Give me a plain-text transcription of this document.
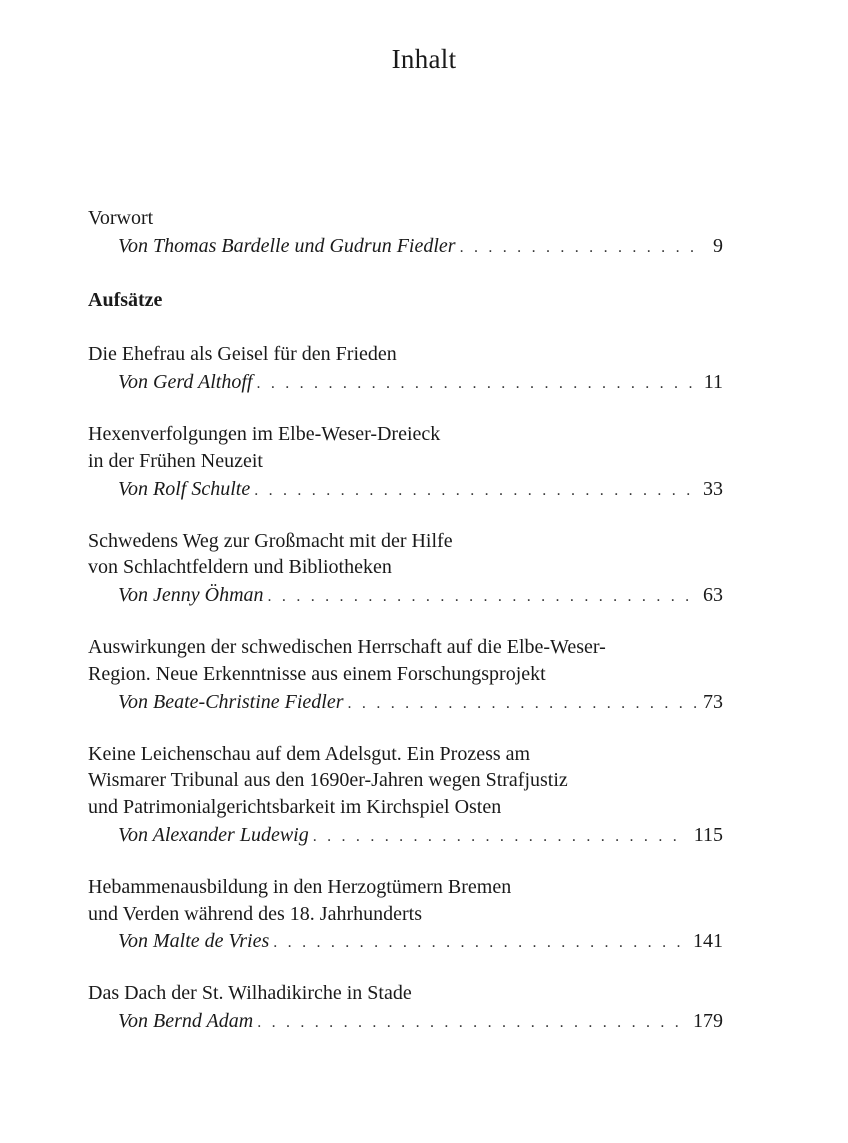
Inhalt
Vorwort
Von Thomas Bardelle und Gudrun Fiedler . . .	9
Aufsätze
Die Ehefrau als Geisel für den Frieden
Von Gerd Althoff . . .	11
Hexenverfolgungen im Elbe-Weser-Dreieck
in der Frühen Neuzeit
Von Rolf Schulte . . .	33
Schwedens Weg zur Großmacht mit der Hilfe
von Schlachtfeldern und Bibliotheken
Von Jenny Öhman . . .	63
Auswirkungen der schwedischen Herrschaft auf die Elbe-Weser-
Region. Neue Erkenntnisse aus einem Forschungsprojekt
Von Beate-Christine Fiedler . . .	73
Keine Leichenschau auf dem Adelsgut. Ein Prozess am
Wismarer Tribunal aus den 1690er-Jahren wegen Strafjustiz
und Patrimonialgerichtsbarkeit im Kirchspiel Osten
Von Alexander Ludewig . . .	115
Hebammenausbildung in den Herzogtümern Bremen
und Verden während des 18. Jahrhunderts
Von Malte de Vries . . .	141
Das Dach der St. Wilhadikirche in Stade
Von Bernd Adam . . .	179
